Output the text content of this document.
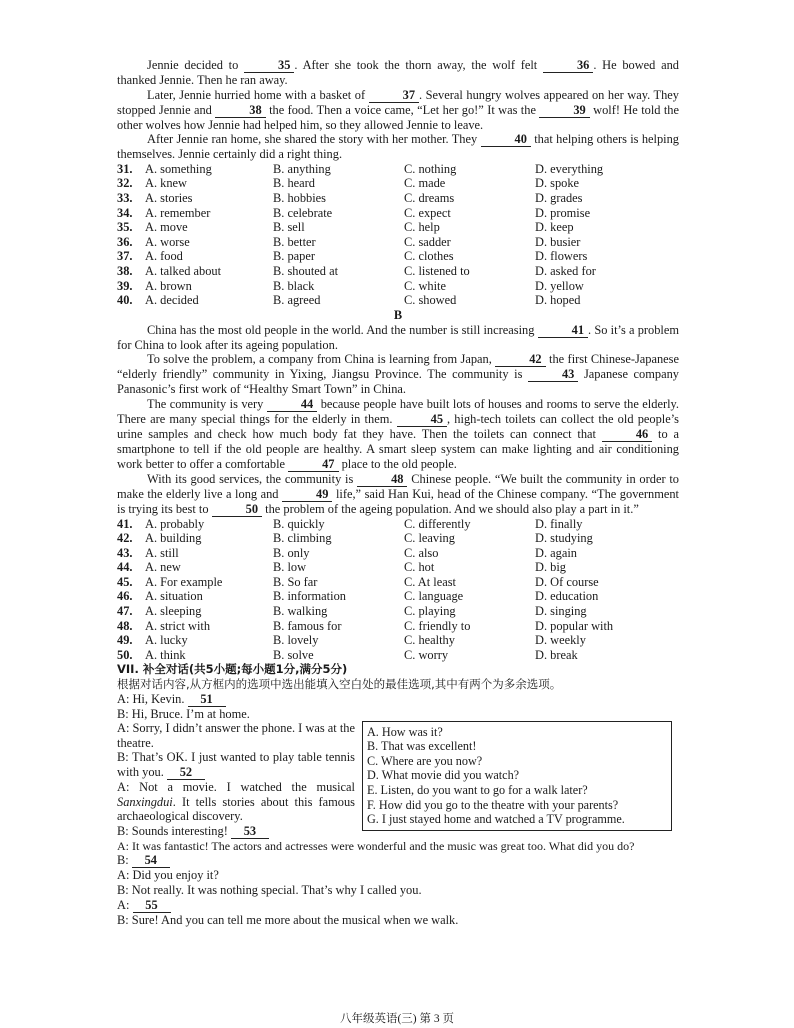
Jennie decided to	35 . After she took the thorn away, the wolf felt	36 . He bowed and thanked Jennie. Then he ran away.

Later, Jennie hurried home with a basket of	37 . Several hungry wolves appeared on her way. They stopped Jennie and	38 the food. Then a voice came, “Let her go!” It was the	39 wolf! He told the other wolves how Jennie had helped him, so they allowed Jennie to leave.

After Jennie ran home, she shared the story with her mother. They	40 that helping others is helping themselves. Jennie certainly did a right thing.

31.	A. something	B. anything	C. nothing	D. everything
32.	A. knew	B. heard	C. made	D. spoke
33.	A. stories	B. hobbies	C. dreams	D. grades
34.	A. remember	B. celebrate	C. expect	D. promise
35.	A. move	B. sell	C. help	D. keep
36.	A. worse	B. better	C. sadder	D. busier
37.	A. food	B. paper	C. clothes	D. flowers
38.	A. talked about	B. shouted at	C. listened to	D. asked for
39.	A. brown	B. black	C. white	D. yellow
40.	A. decided	B. agreed	C. showed	D. hoped
B

China has the most old people in the world. And the number is still increasing	41 . So it’s a problem for China to look after its ageing population.

To solve the problem, a company from China is learning from Japan,	42 the first Chinese-Japanese “elderly friendly” community in Yixing, Jiangsu Province. The community is	43 Japanese company Panasonic’s first work of “Healthy Smart Town” in China.

The community is very	44 because people have built lots of houses and rooms to serve the elderly. There are many special things for the elderly in them.	45 , high-tech toilets can collect the old people’s urine samples and check how much body fat they have. Then the toilets can connect that	46 to a smartphone to tell if the old people are healthy. A smart sleep system can make lighting and air conditioning work better to offer a comfortable	47 place to the old people.

With its good services, the community is	48 Chinese people. “We built the community in order to make the elderly live a long and	49 life,” said Han Kui, head of the Chinese company. “The government is trying its best to	50 the problem of the ageing population. And we should also play a part in it.”

41.	A. probably	B. quickly	C. differently	D. finally
42.	A. building	B. climbing	C. leaving	D. studying
43.	A. still	B. only	C. also	D. again
44.	A. new	B. low	C. hot	D. big
45.	A. For example	B. So far	C. At least	D. Of course
46.	A. situation	B. information	C. language	D. education
47.	A. sleeping	B. walking	C. playing	D. singing
48.	A. strict with	B. famous for	C. friendly to	D. popular with
49.	A. lucky	B. lovely	C. healthy	D. weekly
50.	A. think	B. solve	C. worry	D. break
VII. 补全对话(共5小题;每小题1分,满分5分)
根据对话内容,从方框内的选项中选出能填入空白处的最佳选项,其中有两个为多余选项。
A. How was it?
B. That was excellent!
C. Where are you now?
D. What movie did you watch?
E. Listen, do you want to go for a walk later?
F. How did you go to the theatre with your parents?
G. I just stayed home and watched a TV programme.
A: Hi, Kevin. 51
B: Hi, Bruce. I’m at home.

A: Sorry, I didn’t answer the phone. I was at the theatre.

B: That’s OK. I just wanted to play table tennis with you. 52

A: Not a movie. I watched the musical Sanxingdui. It tells stories about this famous archaeological discovery.

B: Sounds interesting! 53
A: It was fantastic! The actors and actresses were wonderful and the music was great too. What did you do?
B: 54
A: Did you enjoy it?
B: Not really. It was nothing special. That’s why I called you.
A: 55
B: Sure! And you can tell me more about the musical when we walk.
八年级英语(三) 第 3 页
